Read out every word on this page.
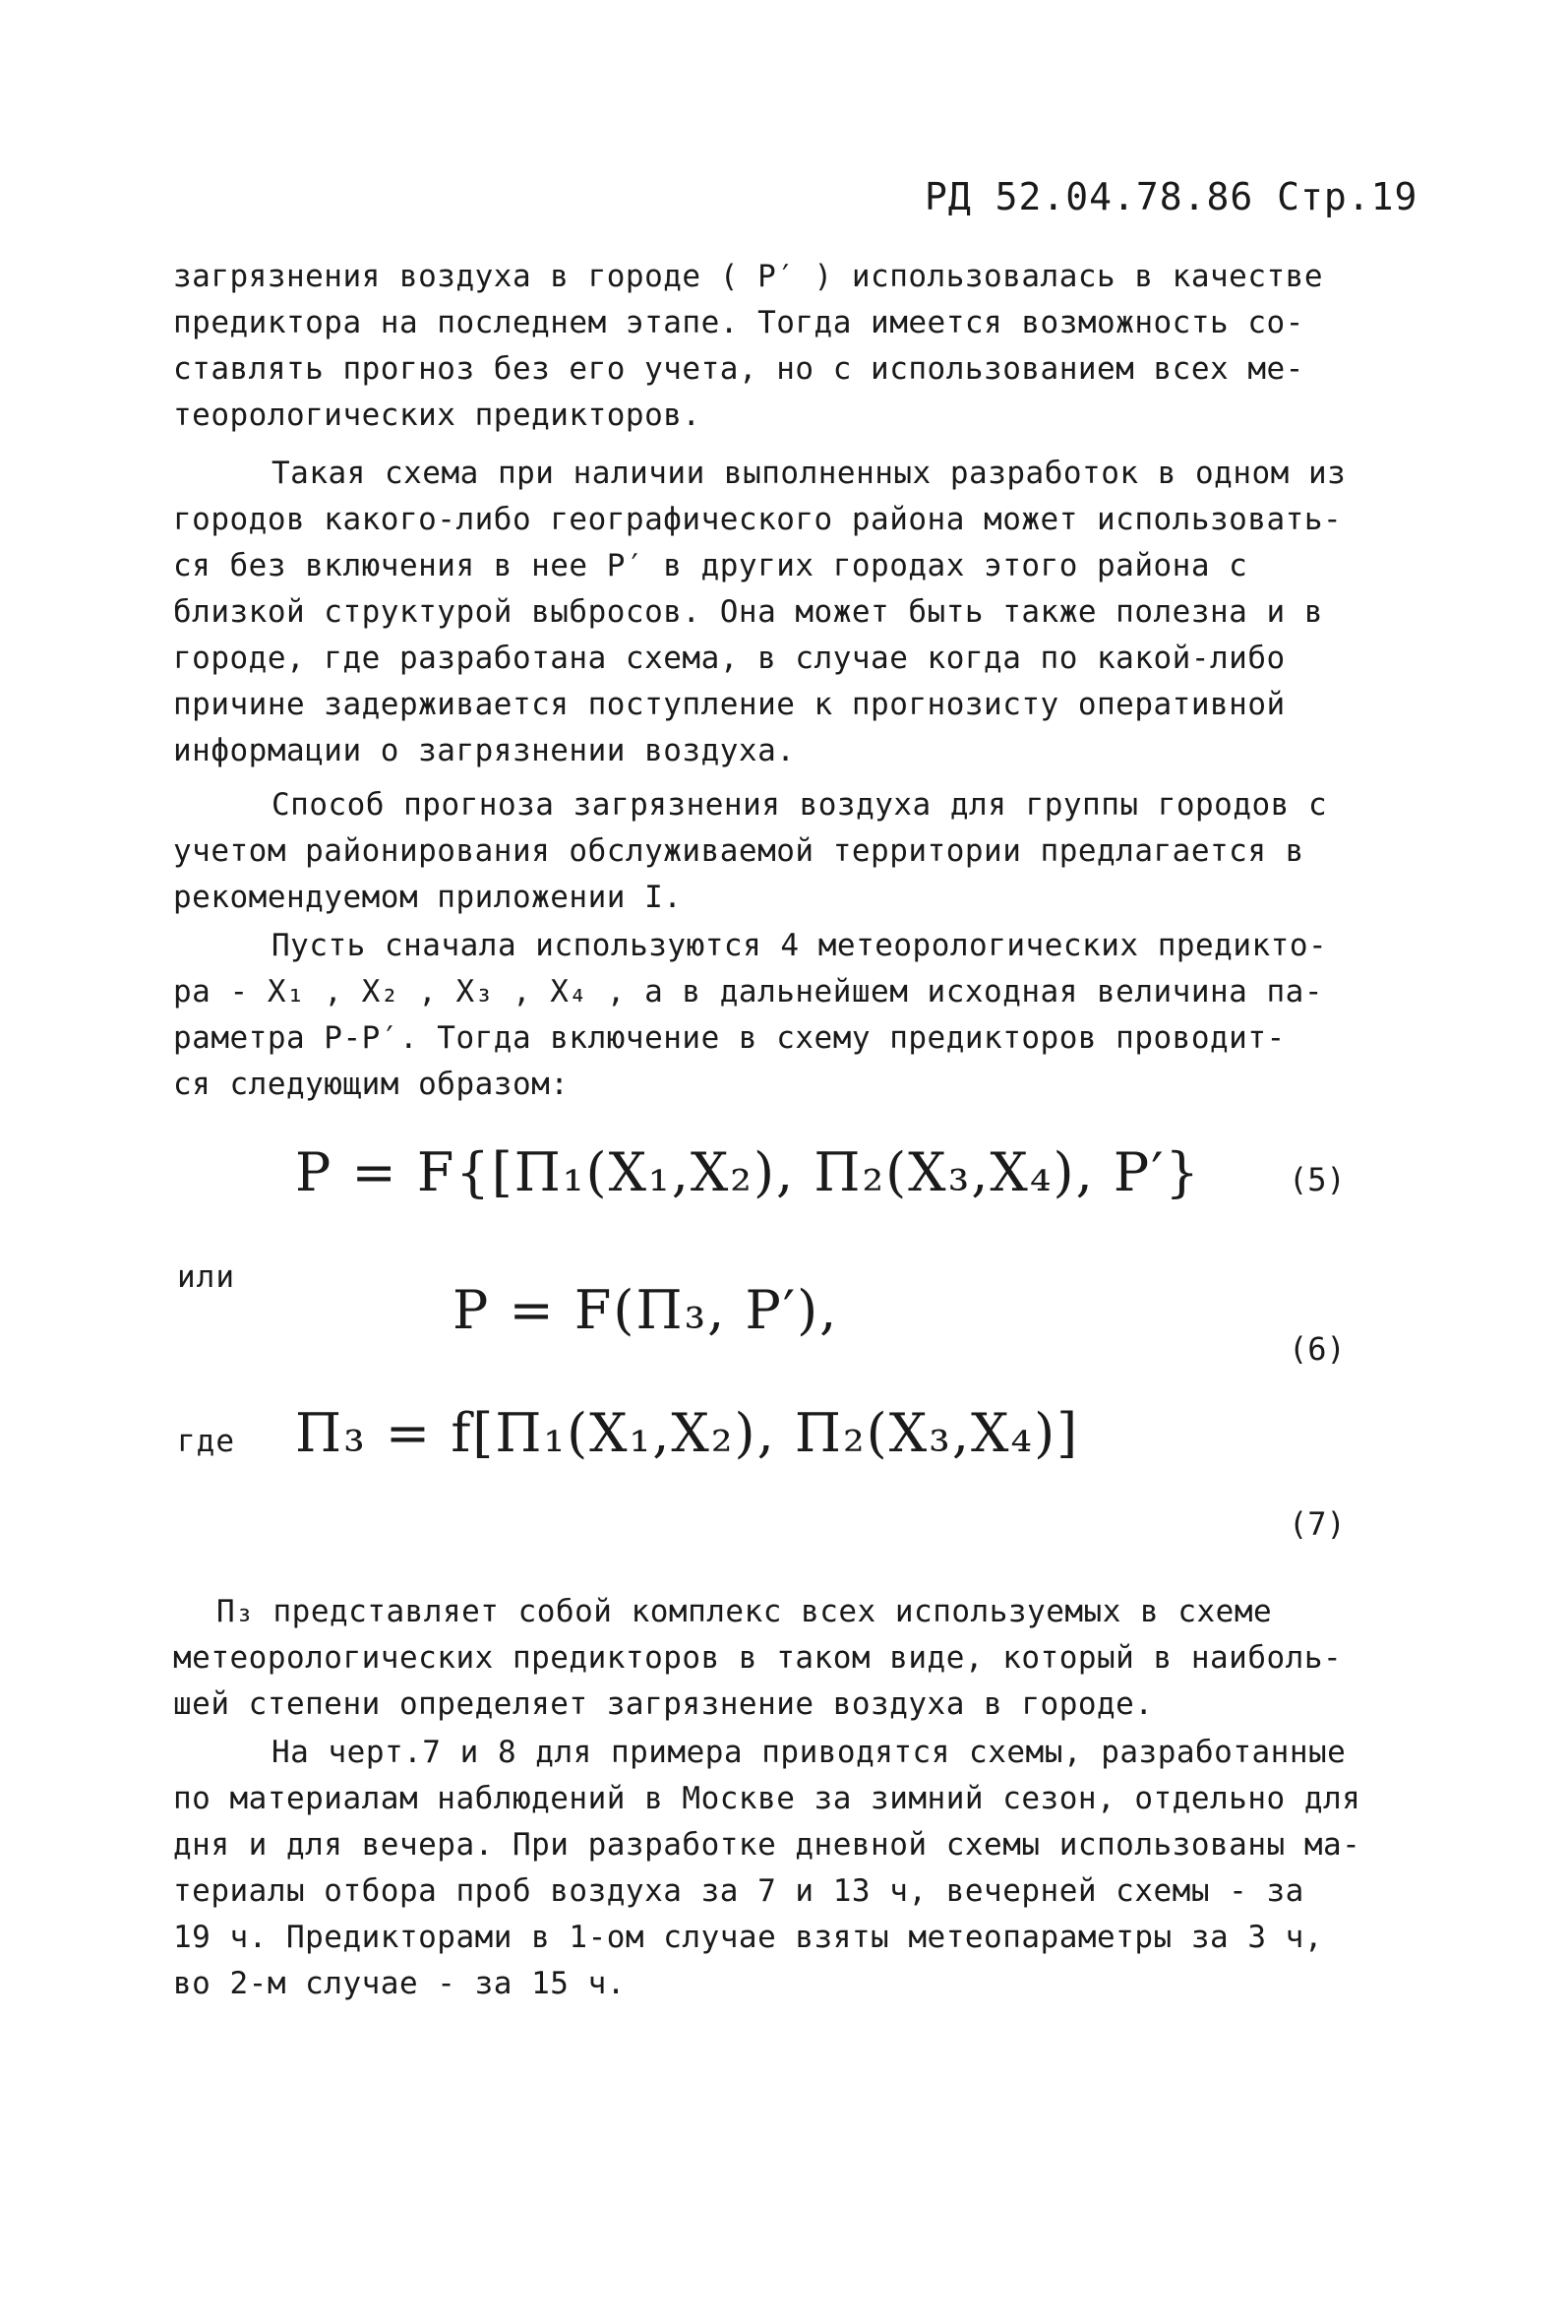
РД 52.04.78.86 Стр.19
загрязнения воздуха в городе ( P′ ) использовалась в качестве
предиктора на последнем этапе. Тогда имеется возможность со-
ставлять прогноз без его учета, но с использованием всех ме-
теорологических предикторов.
Такая схема при наличии выполненных разработок в одном из
городов какого-либо географического района может использовать-
ся без включения в нее P′ в других городах этого района с
близкой структурой выбросов. Она может быть также полезна и в
городе, где разработана схема, в случае когда по какой-либо
причине задерживается поступление к прогнозисту оперативной
информации о загрязнении воздуха.
Способ прогноза загрязнения воздуха для группы городов с
учетом районирования обслуживаемой территории предлагается в
рекомендуемом приложении I.
Пусть сначала используются 4 метеорологических предикто-
ра - X₁ , X₂ , X₃ , X₄ , а в дальнейшем исходная величина па-
раметра P-P′. Тогда включение в схему предикторов проводит-
ся следующим образом:
P = F{[Π₁(X₁,X₂), Π₂(X₃,X₄), P′}	(5)
или
P = F(Π₃, P′),
(6)
где Π₃ = f[Π₁(X₁,X₂), Π₂(X₃,X₄)]
(7)
Π₃ представляет собой комплекс всех используемых в схеме
метеорологических предикторов в таком виде, который в наиболь-
шей степени определяет загрязнение воздуха в городе.
На черт.7 и 8 для примера приводятся схемы, разработанные
по материалам наблюдений в Москве за зимний сезон, отдельно для
дня и для вечера. При разработке дневной схемы использованы ма-
териалы отбора проб воздуха за 7 и 13 ч, вечерней схемы - за
19 ч. Предикторами в 1-ом случае взяты метеопараметры за 3 ч,
во 2-м случае - за 15 ч.
